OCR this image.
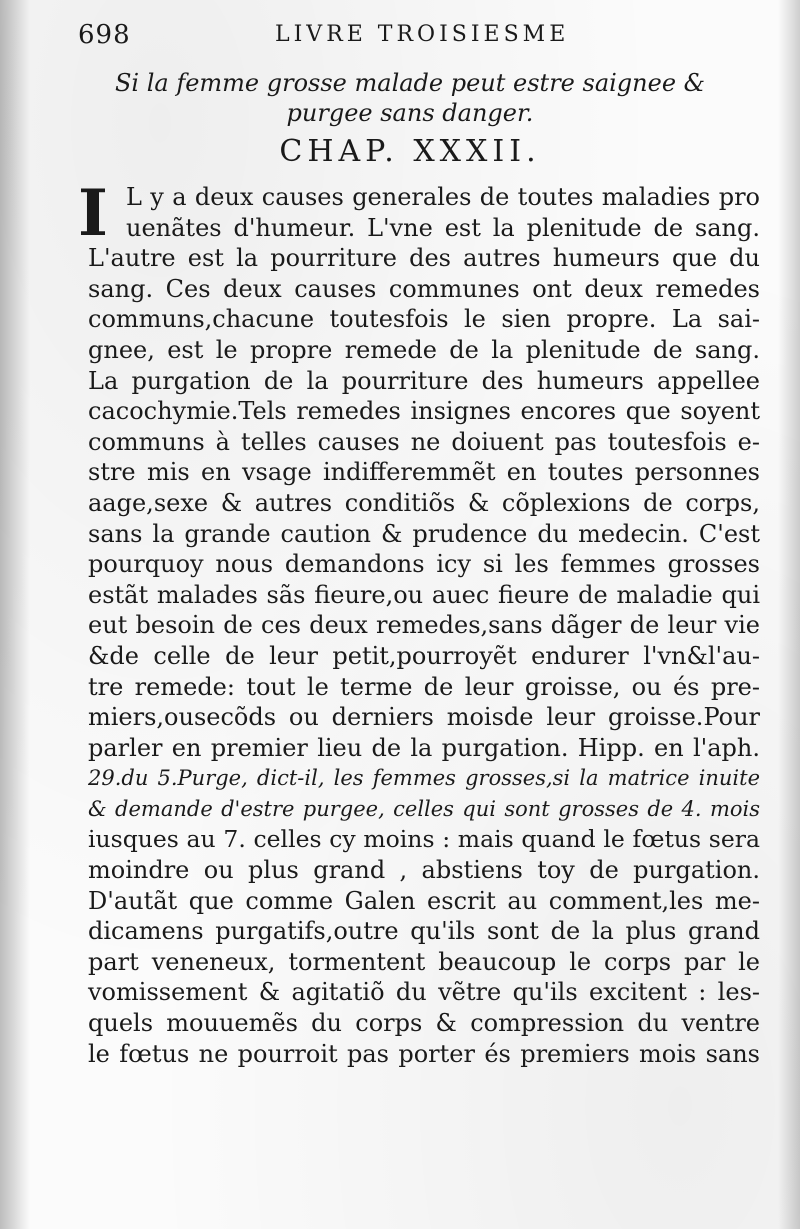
698	LIVRE TROISIESME
Si la femme grosse malade peut estre saignee &
purgee sans danger.
CHAP. XXXII.
I L y a deux causes generales de toutes maladies pro
uenãtes d'humeur. L'vne est la plenitude de sang.
L'autre est la pourriture des autres humeurs que du
sang. Ces deux causes communes ont deux remedes
communs,chacune toutesfois le sien propre. La sai-
gnee, est le propre remede de la plenitude de sang.
La purgation de la pourriture des humeurs appellee
cacochymie.Tels remedes insignes encores que soyent
communs à telles causes ne doiuent pas toutesfois e-
stre mis en vsage indifferemmẽt en toutes personnes
aage,sexe & autres conditiõs & cõplexions de corps,
sans la grande caution & prudence du medecin. C'est
pourquoy nous demandons icy si les femmes grosses
estãt malades sãs fieure,ou auec fieure de maladie qui
eut besoin de ces deux remedes,sans dãger de leur vie
&de celle de leur petit,pourroyẽt endurer l'vn&l'au-
tre remede: tout le terme de leur groisse, ou és pre-
miers,ousecõds ou derniers moisde leur groisse.Pour
parler en premier lieu de la purgation. Hipp. en l'aph.
29.du 5.Purge, dict-il, les femmes grosses,si la matrice inuite
& demande d'estre purgee, celles qui sont grosses de 4. mois
iusques au 7. celles cy moins : mais quand le fœtus sera
moindre ou plus grand , abstiens toy de purgation.
D'autãt que comme Galen escrit au comment,les me-
dicamens purgatifs,outre qu'ils sont de la plus grand
part veneneux, tormentent beaucoup le corps par le
vomissement & agitatiõ du vẽtre qu'ils excitent : les-
quels mouuemẽs du corps & compression du ventre
le fœtus ne pourroit pas porter és premiers mois sans
